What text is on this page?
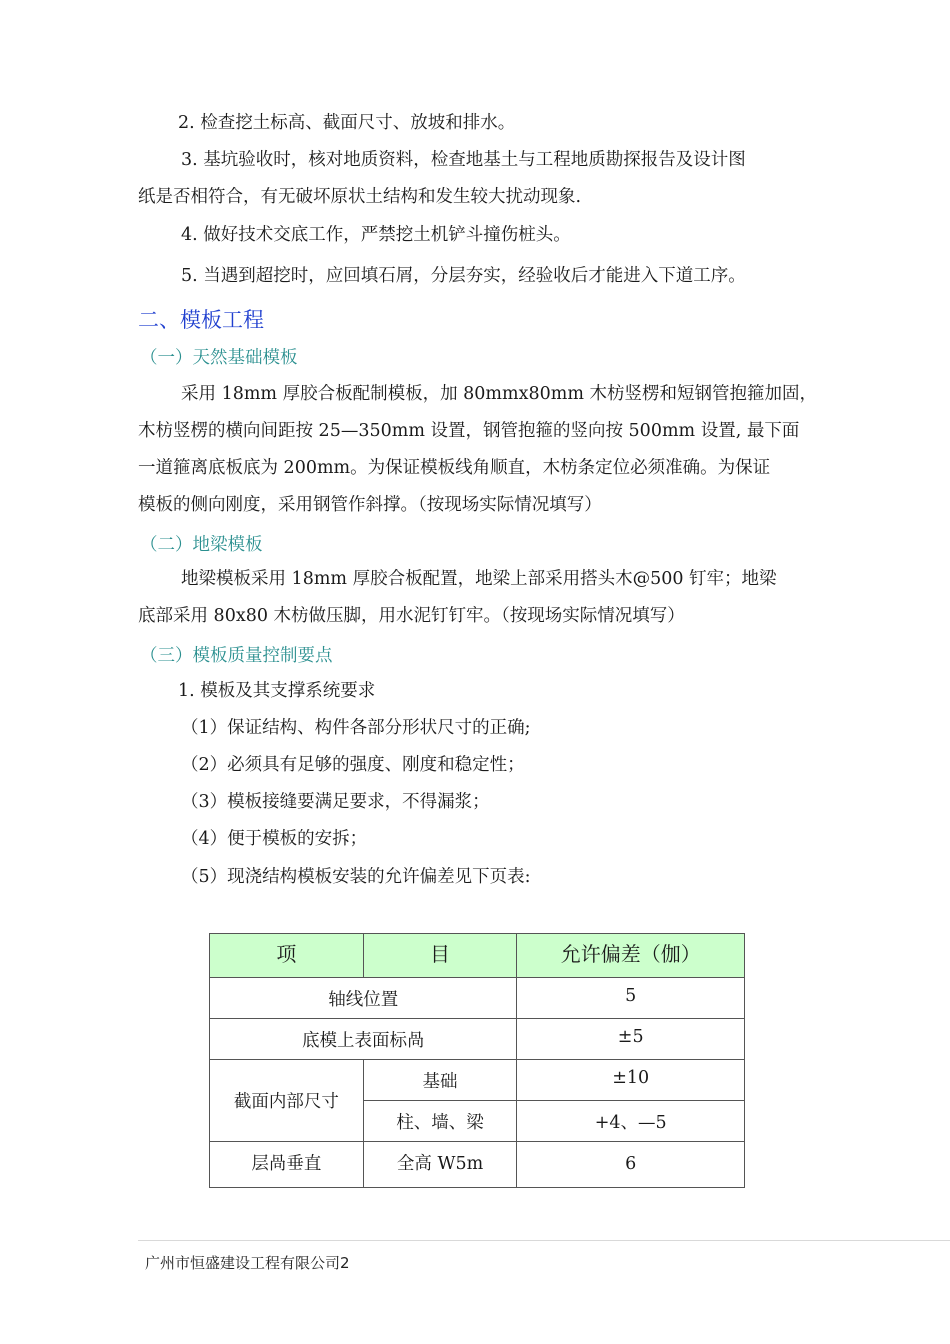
2. 检查挖土标高、截面尺寸、放坡和排水。
3. 基坑验收时，核对地质资料，检查地基土与工程地质勘探报告及设计图
纸是否相符合，有无破坏原状土结构和发生较大扰动现象.
4. 做好技术交底工作，严禁挖土机铲斗撞伤桩头。
5. 当遇到超挖时，应回填石屑，分层夯实，经验收后才能进入下道工序。
二、模板工程
（一）天然基础模板
采用 18mm 厚胶合板配制模板，加 80mmx80mm 木枋竖楞和短钢管抱箍加固，
木枋竖楞的横向间距按 25—350mm 设置，钢管抱箍的竖向按 500mm 设置, 最下面
一道箍离底板底为 200mm。为保证模板线角顺直，木枋条定位必须准确。为保证
模板的侧向刚度，采用钢管作斜撑。（按现场实际情况填写）
（二）地梁模板
地梁模板采用 18mm 厚胶合板配置，地梁上部采用搭头木@500 钉牢；地梁
底部采用 80x80 木枋做压脚，用水泥钉钉牢。（按现场实际情况填写）
（三）模板质量控制要点
1. 模板及其支撑系统要求
（1）保证结构、构件各部分形状尺寸的正确;
（2）必须具有足够的强度、刚度和稳定性；
（3）模板接缝要满足要求，不得漏浆；
（4）便于模板的安拆；
（5）现浇结构模板安装的允许偏差见下页表:
项	目	允许偏差（伽）
轴线位置		5
底模上表面标咼		±5
截面内部尺寸	基础	±10
	柱、墙、梁	+4、—5
层咼垂直	全高 W5m	6
广州市恒盛建设工程有限公司2
